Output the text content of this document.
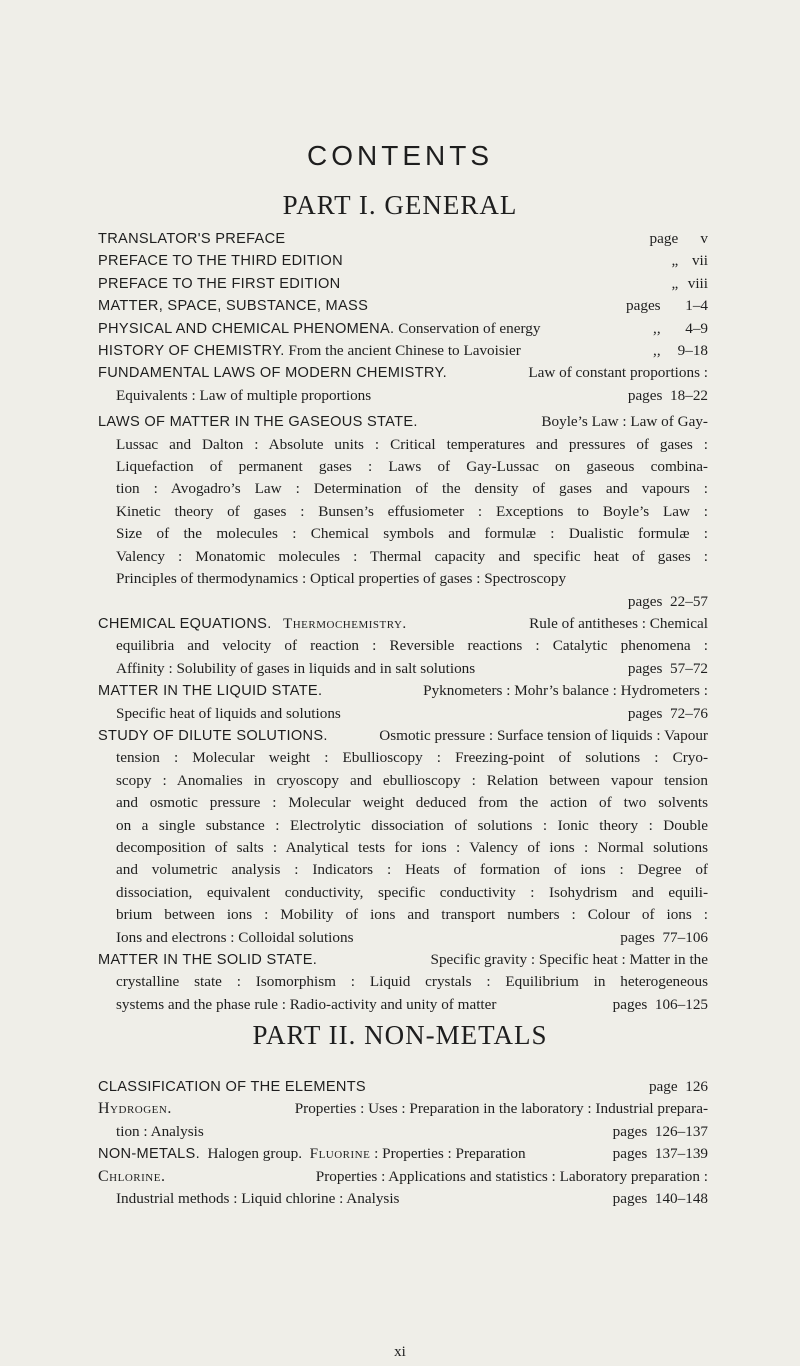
CONTENTS
PART I. GENERAL
TRANSLATOR'S PREFACE	page v
PREFACE TO THE THIRD EDITION	„ vii
PREFACE TO THE FIRST EDITION	„ viii
MATTER, SPACE, SUBSTANCE, MASS	pages 1–4
PHYSICAL AND CHEMICAL PHENOMENA. Conservation of energy	,, 4–9
HISTORY OF CHEMISTRY. From the ancient Chinese to Lavoisier	,, 9–18
FUNDAMENTAL LAWS OF MODERN CHEMISTRY.	Law of constant proportions :
Equivalents : Law of multiple proportions	pages 18–22
LAWS OF MATTER IN THE GASEOUS STATE.	Boyle’s Law : Law of Gay-
Lussac and Dalton : Absolute units : Critical temperatures and pressures of gases :
Liquefaction of permanent gases : Laws of Gay-Lussac on gaseous combina-
tion : Avogadro’s Law : Determination of the density of gases and vapours :
Kinetic theory of gases : Bunsen’s effusiometer : Exceptions to Boyle’s Law :
Size of the molecules : Chemical symbols and formulæ : Dualistic formulæ :
Valency : Monatomic molecules : Thermal capacity and specific heat of gases :
Principles of thermodynamics : Optical properties of gases : Spectroscopy
pages 22–57
CHEMICAL EQUATIONS. Thermochemistry.	Rule of antitheses : Chemical
equilibria and velocity of reaction : Reversible reactions : Catalytic phenomena :
Affinity : Solubility of gases in liquids and in salt solutions	pages 57–72
MATTER IN THE LIQUID STATE.	Pyknometers : Mohr’s balance : Hydrometers :
Specific heat of liquids and solutions	pages 72–76
STUDY OF DILUTE SOLUTIONS.	Osmotic pressure : Surface tension of liquids : Vapour
tension : Molecular weight : Ebullioscopy : Freezing-point of solutions : Cryo-
scopy : Anomalies in cryoscopy and ebullioscopy : Relation between vapour tension
and osmotic pressure : Molecular weight deduced from the action of two solvents
on a single substance : Electrolytic dissociation of solutions : Ionic theory : Double
decomposition of salts : Analytical tests for ions : Valency of ions : Normal solutions
and volumetric analysis : Indicators : Heats of formation of ions : Degree of
dissociation, equivalent conductivity, specific conductivity : Isohydrism and equili-
brium between ions : Mobility of ions and transport numbers : Colour of ions :
Ions and electrons : Colloidal solutions	pages 77–106
MATTER IN THE SOLID STATE.	Specific gravity : Specific heat : Matter in the
crystalline state : Isomorphism : Liquid crystals : Equilibrium in heterogeneous
systems and the phase rule : Radio-activity and unity of matter	pages 106–125
PART II. NON-METALS
CLASSIFICATION OF THE ELEMENTS	page 126
Hydrogen.	Properties : Uses : Preparation in the laboratory : Industrial prepara-
tion : Analysis	pages 126–137
NON-METALS. Halogen group. Fluorine : Properties : Preparation	pages 137–139
Chlorine.	Properties : Applications and statistics : Laboratory preparation :
Industrial methods : Liquid chlorine : Analysis	pages 140–148
xi
